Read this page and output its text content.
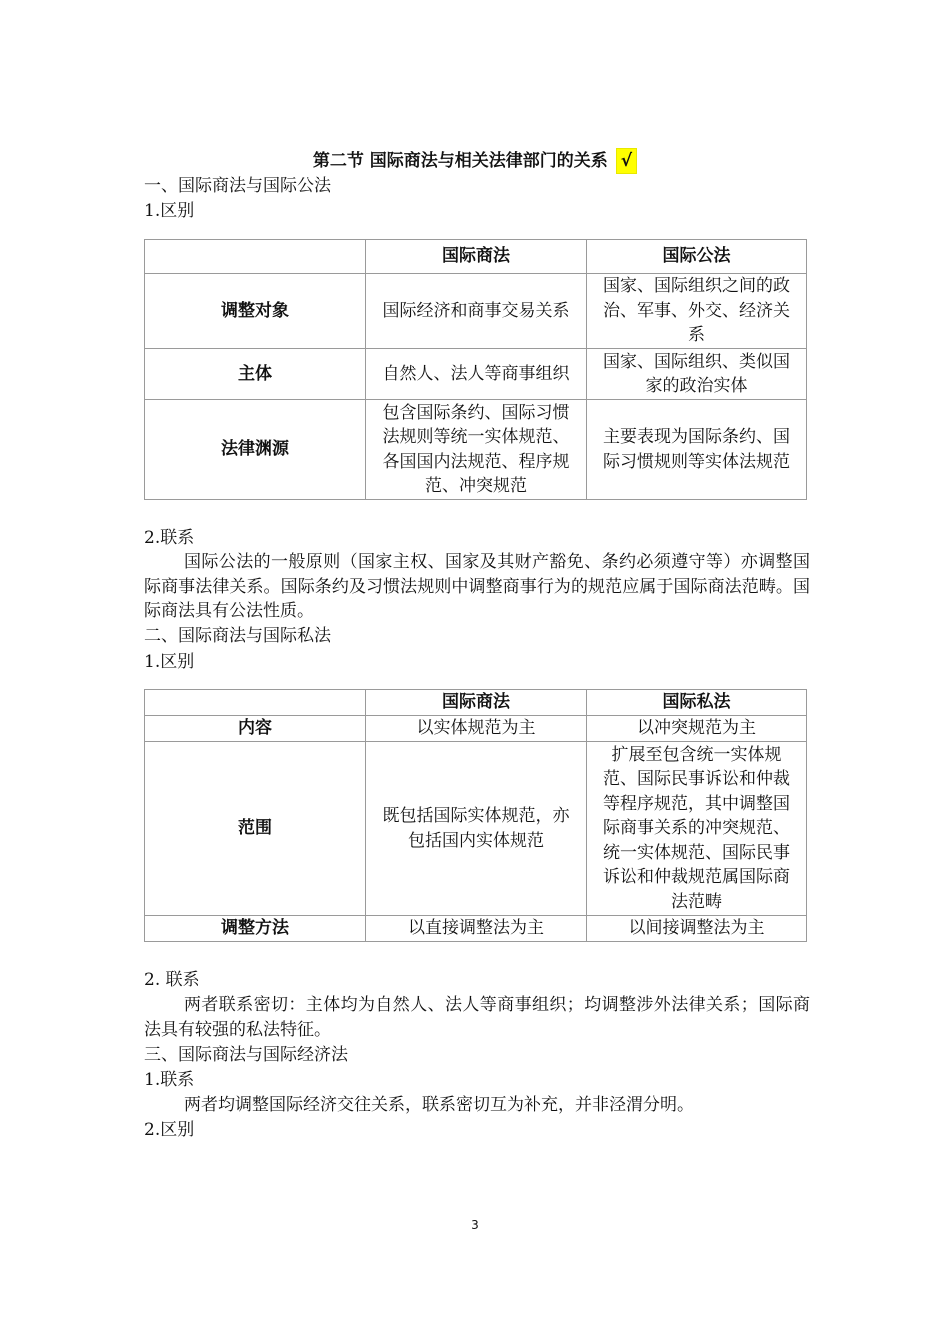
第二节 国际商法与相关法律部门的关系 √
一、国际商法与国际公法
1.区别
	国际商法	国际公法
调整对象	国际经济和商事交易关系	国家、国际组织之间的政治、军事、外交、经济关系
主体	自然人、法人等商事组织	国家、国际组织、类似国家的政治实体
法律渊源	包含国际条约、国际习惯法规则等统一实体规范、各国国内法规范、程序规范、冲突规范	主要表现为国际条约、国际习惯规则等实体法规范
2.联系
国际公法的一般原则（国家主权、国家及其财产豁免、条约必须遵守等）亦调整国际商事法律关系。国际条约及习惯法规则中调整商事行为的规范应属于国际商法范畴。国际商法具有公法性质。
二、国际商法与国际私法
1.区别
	国际商法	国际私法
内容	以实体规范为主	以冲突规范为主
范围	既包括国际实体规范，亦包括国内实体规范	扩展至包含统一实体规范、国际民事诉讼和仲裁等程序规范，其中调整国际商事关系的冲突规范、统一实体规范、国际民事诉讼和仲裁规范属国际商法范畴
调整方法	以直接调整法为主	以间接调整法为主
2. 联系
两者联系密切：主体均为自然人、法人等商事组织；均调整涉外法律关系；国际商法具有较强的私法特征。
三、国际商法与国际经济法
1.联系
两者均调整国际经济交往关系，联系密切互为补充，并非泾渭分明。
2.区别
3
